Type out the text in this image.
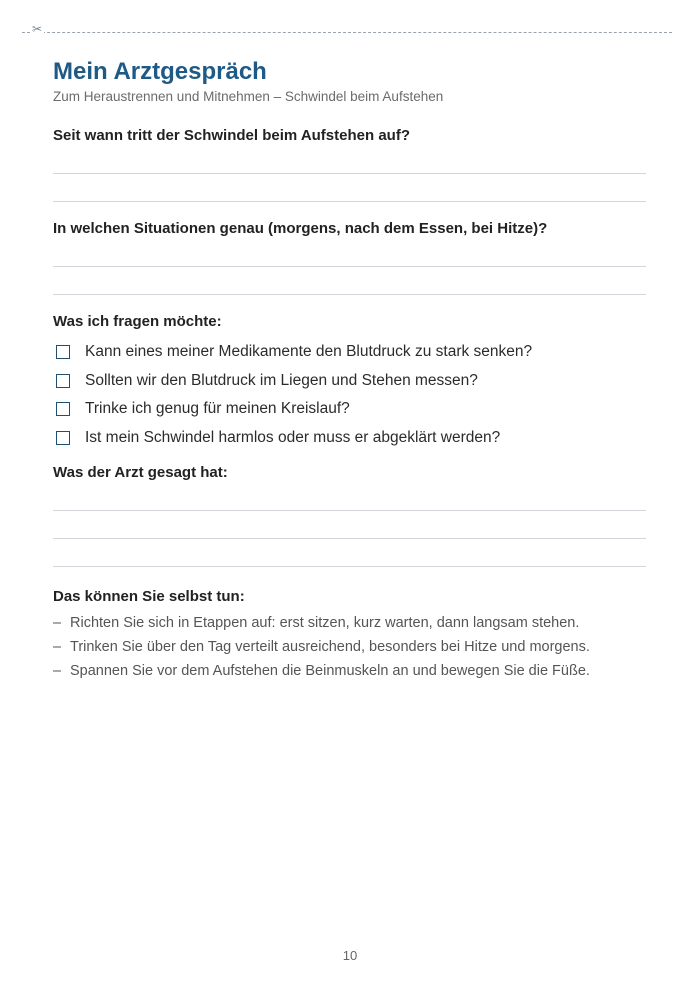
✂
Mein Arztgespräch
Zum Heraustrennen und Mitnehmen – Schwindel beim Aufstehen
Seit wann tritt der Schwindel beim Aufstehen auf?
In welchen Situationen genau (morgens, nach dem Essen, bei Hitze)?
Was ich fragen möchte:
Kann eines meiner Medikamente den Blutdruck zu stark senken?
Sollten wir den Blutdruck im Liegen und Stehen messen?
Trinke ich genug für meinen Kreislauf?
Ist mein Schwindel harmlos oder muss er abgeklärt werden?
Was der Arzt gesagt hat:
Das können Sie selbst tun:
– Richten Sie sich in Etappen auf: erst sitzen, kurz warten, dann langsam stehen.
– Trinken Sie über den Tag verteilt ausreichend, besonders bei Hitze und morgens.
– Spannen Sie vor dem Aufstehen die Beinmuskeln an und bewegen Sie die Füße.
10
